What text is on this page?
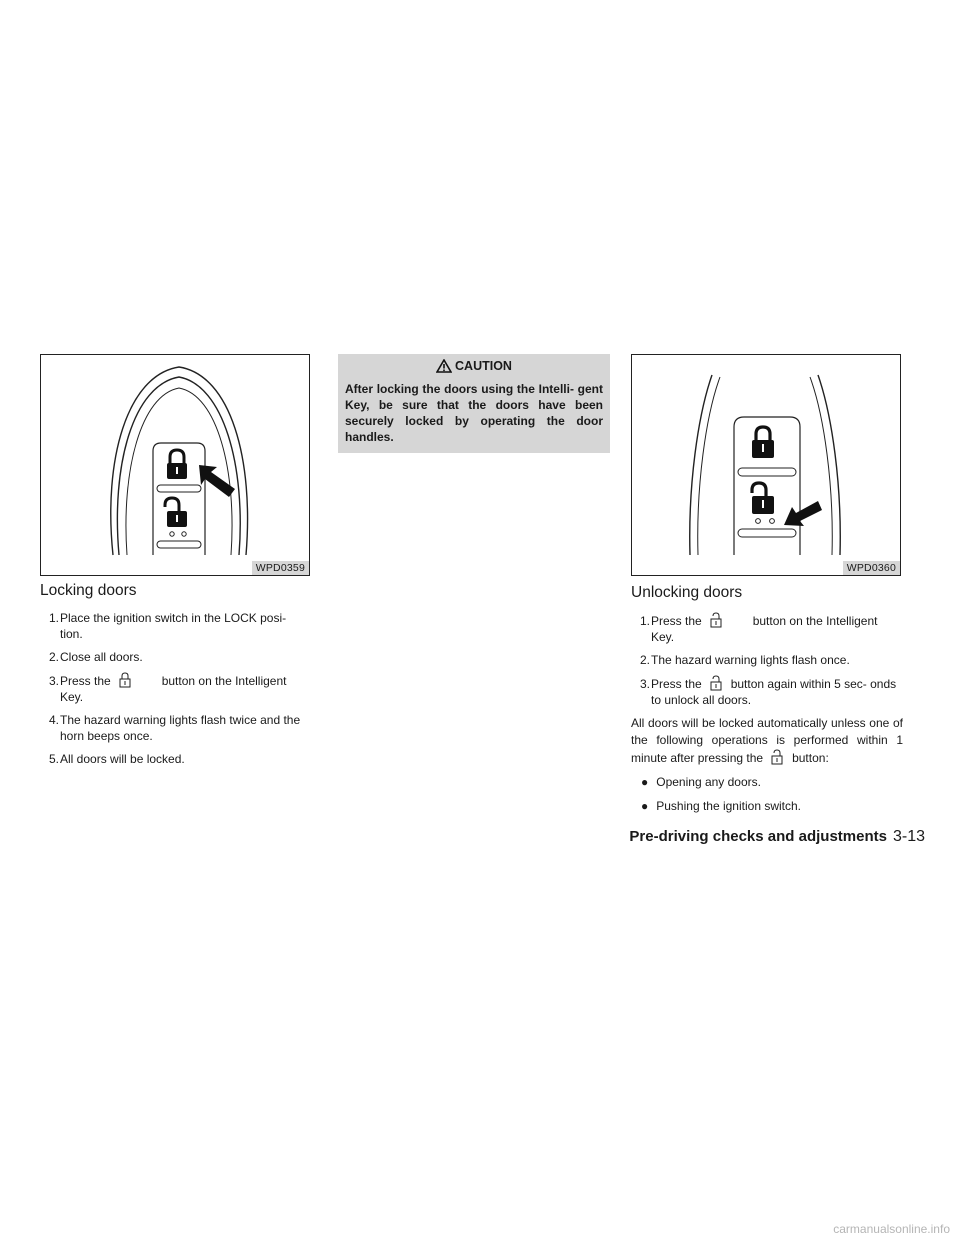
WPD0359
Locking doors
1.Place the ignition switch in the LOCK posi- tion.
2.Close all doors.
3.Press the	button on the Intelligent Key.
4.The hazard warning lights flash twice and the horn beeps once.
5.All doors will be locked.
CAUTION
After locking the doors using the Intelli- gent Key, be sure that the doors have been securely locked by operating the door handles.
WPD0360
Unlocking doors
1.Press the	button on the Intelligent Key.
2.The hazard warning lights flash once.
3.Press the button again within 5 sec- onds to unlock all doors.

All doors will be locked automatically unless one of the following operations is performed within 1 minute after pressing the button:

● Opening any doors.
● Pushing the ignition switch.
Pre-driving checks and adjustments 3-13
carmanualsonline.info
